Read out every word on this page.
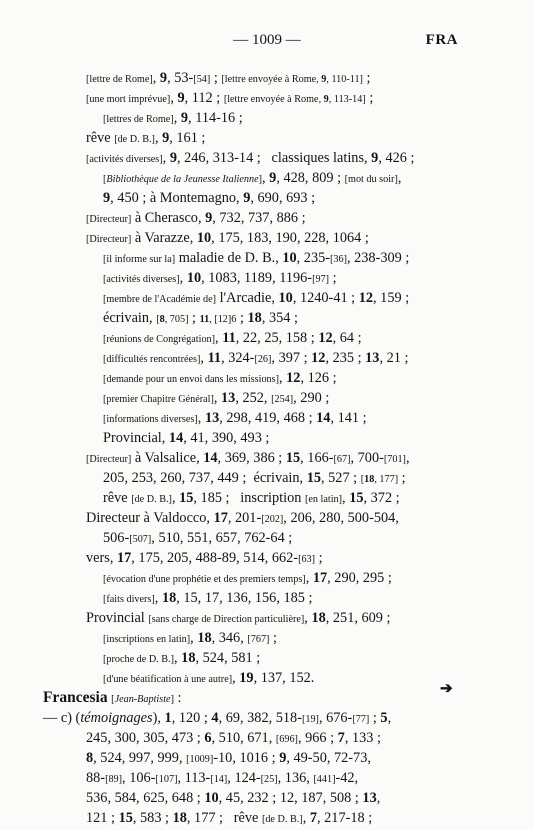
— 1009 —	FRA
[lettre de Rome], 9, 53-[54] ; [lettre envoyée à Rome, 9, 110-11] ;
[une mort imprévue], 9, 112 ; [lettre envoyée à Rome, 9, 113-14] ;
[lettres de Rome], 9, 114-16 ;
rêve [de D. B.], 9, 161 ;
[activités diverses], 9, 246, 313-14 ;   classiques latins, 9, 426 ;
[Bibliothèque de la Jeunesse Italienne], 9, 428, 809 ; [mot du soir],
9, 450 ; à Montemagno, 9, 690, 693 ;
[Directeur] à Cherasco, 9, 732, 737, 886 ;
[Directeur] à Varazze, 10, 175, 183, 190, 228, 1064 ;
[il informe sur la] maladie de D. B., 10, 235-[36], 238-309 ;
[activités diverses], 10, 1083, 1189, 1196-[97] ;
[membre de l'Académie de] l'Arcadie, 10, 1240-41 ; 12, 159 ;
écrivain, [8, 705] ; 11, [12]6 ; 18, 354 ;
[réunions de Congrégation], 11, 22, 25, 158 ; 12, 64 ;
[difficultés rencontrées], 11, 324-[26], 397 ; 12, 235 ; 13, 21 ;
[demande pour un envoi dans les missions], 12, 126 ;
[premier Chapitre Général], 13, 252, [254], 290 ;
[informations diverses], 13, 298, 419, 468 ; 14, 141 ;
Provincial, 14, 41, 390, 493 ;
[Directeur] à Valsalice, 14, 369, 386 ; 15, 166-[67], 700-[701],
205, 253, 260, 737, 449 ;  écrivain, 15, 527 ; [18, 177] ;
rêve [de D. B.], 15, 185 ;   inscription [en latin], 15, 372 ;
Directeur à Valdocco, 17, 201-[202], 206, 280, 500-504,
506-[507], 510, 551, 657, 762-64 ;
vers, 17, 175, 205, 488-89, 514, 662-[63] ;
[évocation d'une prophétie et des premiers temps], 17, 290, 295 ;
[faits divers], 18, 15, 17, 136, 156, 185 ;
Provincial [sans charge de Direction particulière], 18, 251, 609 ;
[inscriptions en latin], 18, 346, [767] ;
[proche de D. B.], 18, 524, 581 ;
[d'une béatification à une autre], 19, 137, 152.
Francesia [Jean-Baptiste] :
— c) (témoignages), 1, 120 ; 4, 69, 382, 518-[19], 676-[77] ; 5,
245, 300, 305, 473 ; 6, 510, 671, [696], 966 ; 7, 133 ;
8, 524, 997, 999, [1009]-10, 1016 ; 9, 49-50, 72-73,
88-[89], 106-[107], 113-[14], 124-[25], 136, [441]-42,
536, 584, 625, 648 ; 10, 45, 232 ; 12, 187, 508 ; 13,
121 ; 15, 583 ; 18, 177 ;   rêve [de D. B.], 7, 217-18 ;
➔
